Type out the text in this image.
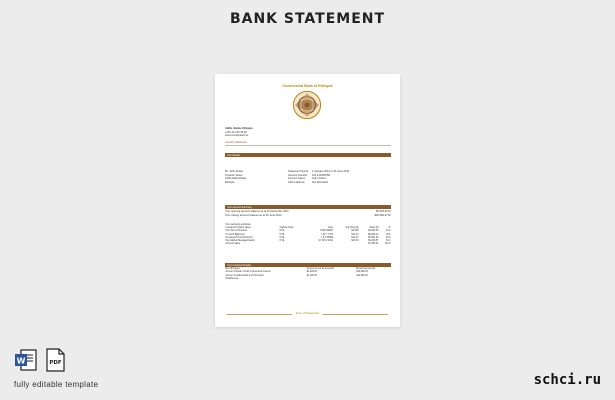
BANK STATEMENT
Commercial Bank of Ethiopia
Addis Ababa, Ethiopia
+251-11-123 45 56
www.combanketh.et
Account Statement
Your Details
Mr. John Abebe
Tiruwork Street
1000 Addis Ababa,
Ethiopia
Statement Period 1 January 2012 to 30 June 2012
Account Number 102 123456789
Account Name	John Citizen
Client address	Not Recorded
Your account Summary
Your opening account balance as at 31 December 2011	$6,000.26 Dr
Your closing account balance as at 30 June 2012	$28,683.27 Dr
Your account activities
Investment Option Name	Outflow Code	Units	Avg Price ($)	Value ($)	%
Pan Oil Inc Preferred	NYE	5,502.99967	$4.063	$3,926.34	23.6
ICI Incnt Balanced	NYE	7,21.7 7702	$12.10	$8,936.13	23.6
Perpetual TA Growth Fund	NYE	7,5 0.55080	$12.13	$5,681.33	23.6
Pan Glaboo Managed Equity	NYE	10,703.2 4301	$13.33	$9,239.57	54.1
Account Value				$7,495.01	100.0
Your Customer Details
Benefit Payee	Amount to run as at period	Benefit amount ($)
Amount Transfer Credit or Received Interest	$1,200.00	$12,080.26
Amount Credited Debt and Promotion	$1,200.00	$12,080.26
Disablement		
End of Statement
W	PDF
fully editable template	schci.ru
